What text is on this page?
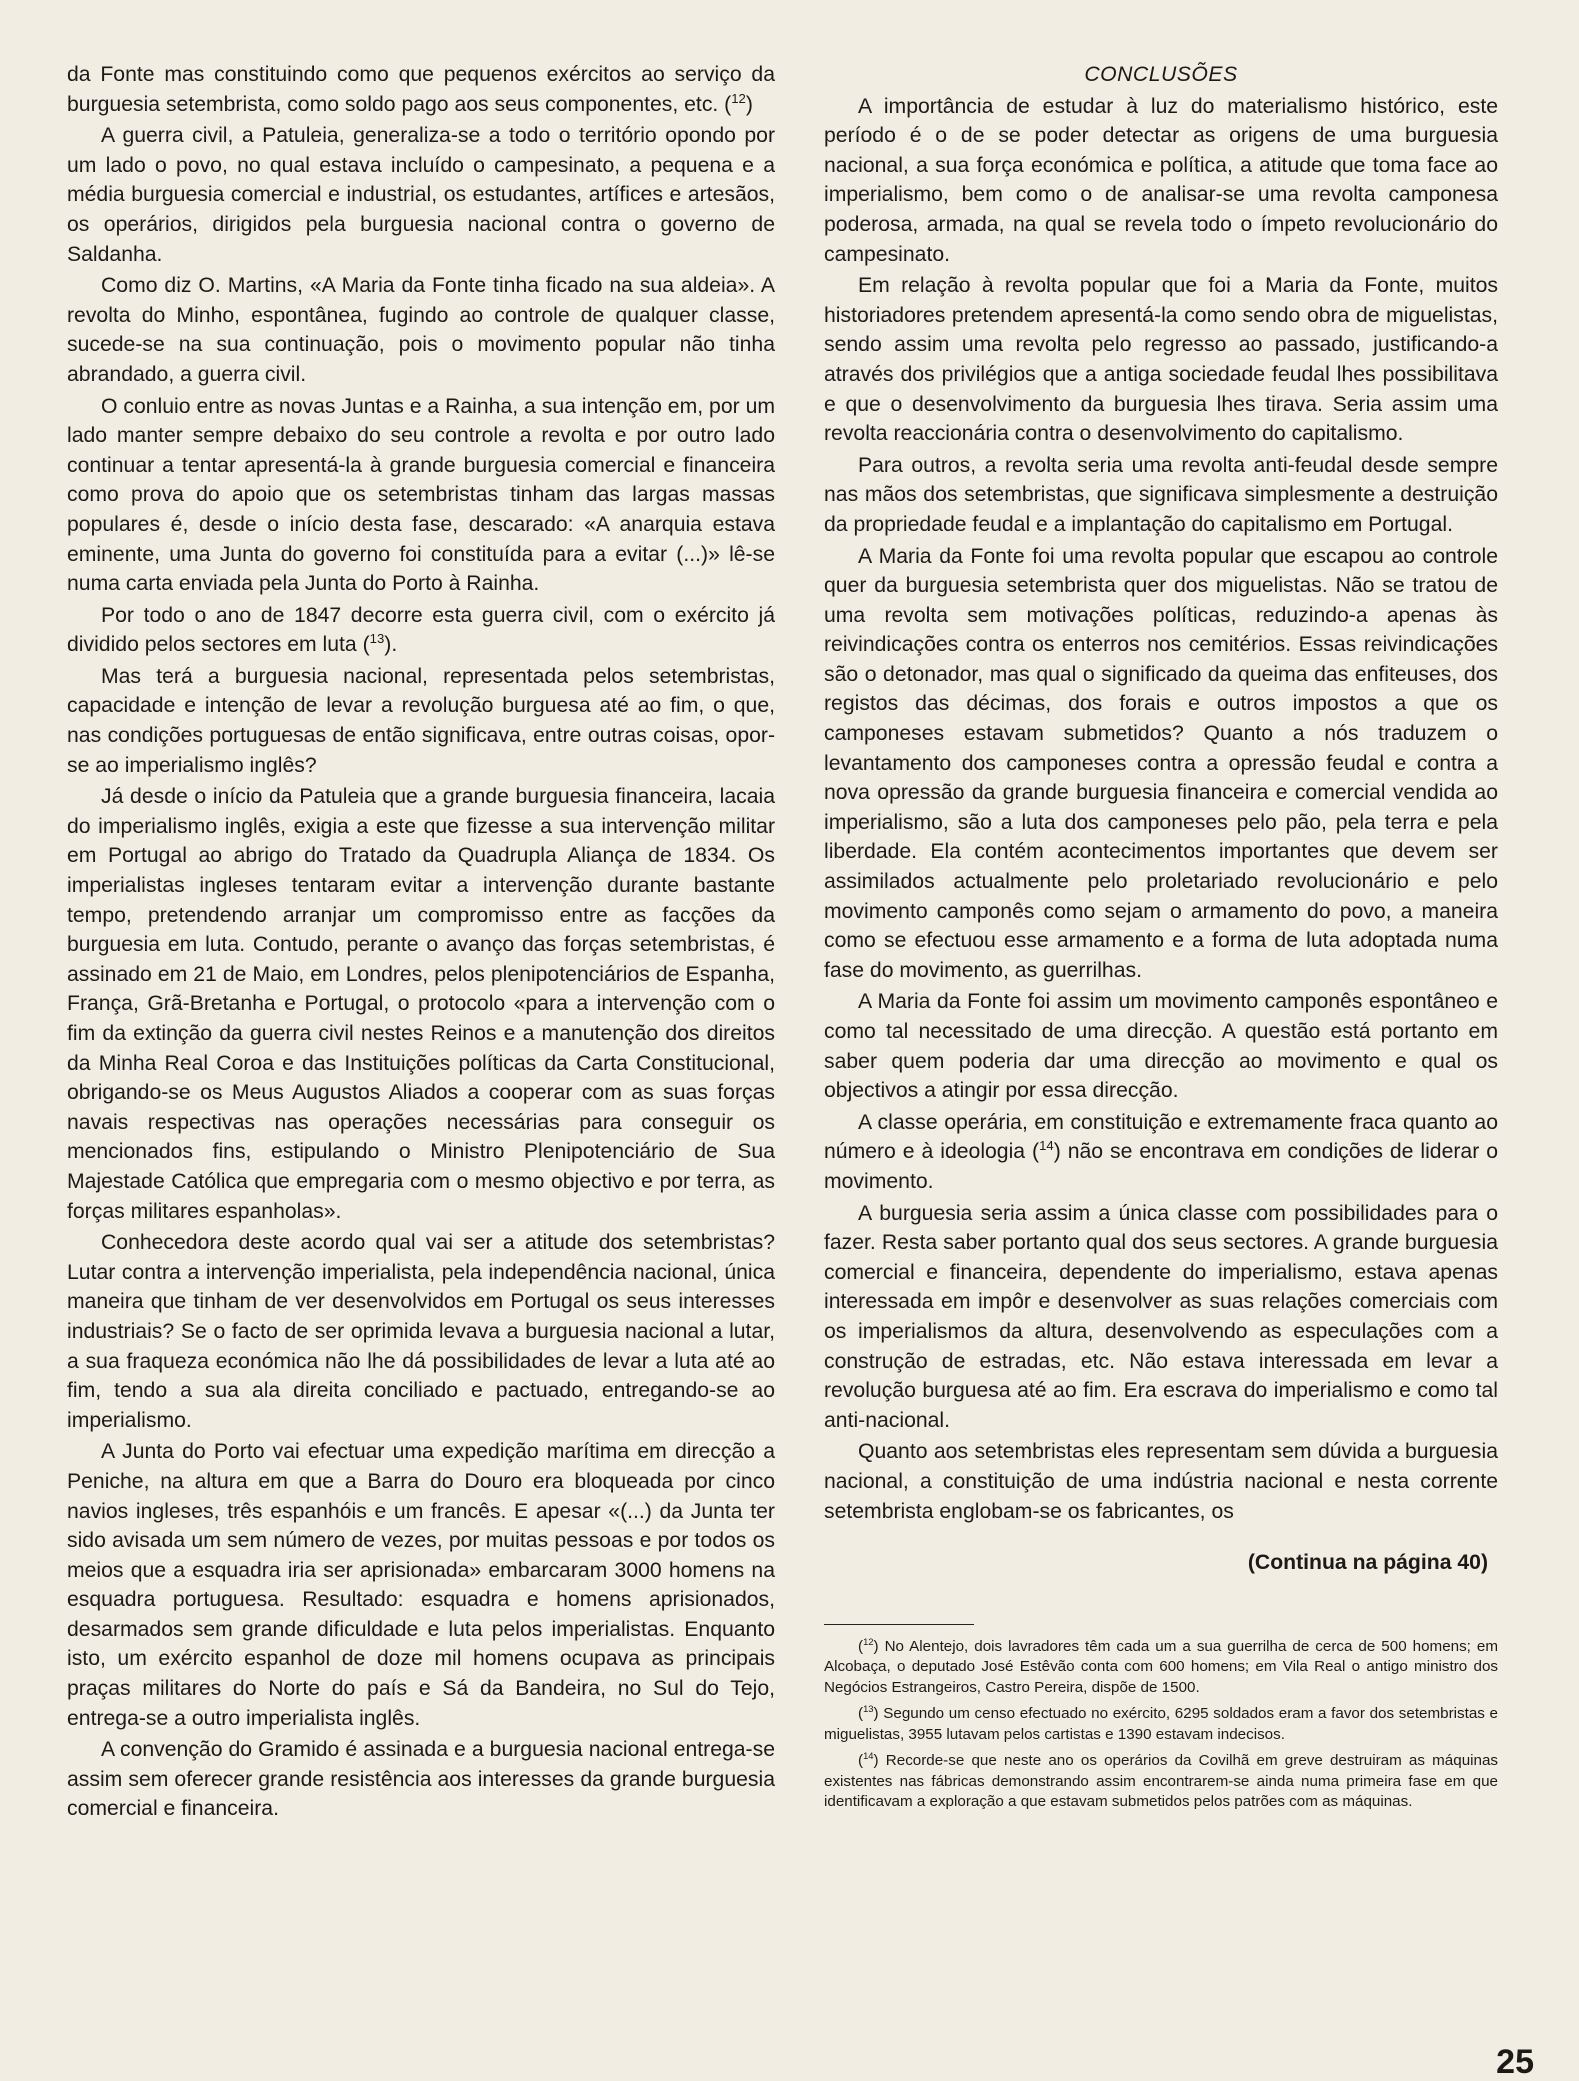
da Fonte mas constituindo como que pequenos exércitos ao serviço da burguesia setembrista, como soldo pago aos seus componentes, etc. ($^{12}$)

A guerra civil, a Patuleia, generaliza-se a todo o território opondo por um lado o povo, no qual estava incluído o campesinato, a pequena e a média burguesia comercial e industrial, os estudantes, artífices e artesãos, os operários, dirigidos pela burguesia nacional contra o governo de Saldanha.

Como diz O. Martins, «A Maria da Fonte tinha ficado na sua aldeia». A revolta do Minho, espontânea, fugindo ao controle de qualquer classe, sucede-se na sua continuação, pois o movimento popular não tinha abrandado, a guerra civil.

O conluio entre as novas Juntas e a Rainha, a sua intenção em, por um lado manter sempre debaixo do seu controle a revolta e por outro lado continuar a tentar apresentá-la à grande burguesia comercial e financeira como prova do apoio que os setembristas tinham das largas massas populares é, desde o início desta fase, descarado: «A anarquia estava eminente, uma Junta do governo foi constituída para a evitar (...)» lê-se numa carta enviada pela Junta do Porto à Rainha.

Por todo o ano de 1847 decorre esta guerra civil, com o exército já dividido pelos sectores em luta ($^{13}$).

Mas terá a burguesia nacional, representada pelos setembristas, capacidade e intenção de levar a revolução burguesa até ao fim, o que, nas condições portuguesas de então significava, entre outras coisas, opor-se ao imperialismo inglês?

Já desde o início da Patuleia que a grande burguesia financeira, lacaia do imperialismo inglês, exigia a este que fizesse a sua intervenção militar em Portugal ao abrigo do Tratado da Quadrupla Aliança de 1834. Os imperialistas ingleses tentaram evitar a intervenção durante bastante tempo, pretendendo arranjar um compromisso entre as facções da burguesia em luta. Contudo, perante o avanço das forças setembristas, é assinado em 21 de Maio, em Londres, pelos plenipotenciários de Espanha, França, Grã-Bretanha e Portugal, o protocolo «para a intervenção com o fim da extinção da guerra civil nestes Reinos e a manutenção dos direitos da Minha Real Coroa e das Instituições políticas da Carta Constitucional, obrigando-se os Meus Augustos Aliados a cooperar com as suas forças navais respectivas nas operações necessárias para conseguir os mencionados fins, estipulando o Ministro Plenipotenciário de Sua Majestade Católica que empregaria com o mesmo objectivo e por terra, as forças militares espanholas».

Conhecedora deste acordo qual vai ser a atitude dos setembristas? Lutar contra a intervenção imperialista, pela independência nacional, única maneira que tinham de ver desenvolvidos em Portugal os seus interesses industriais? Se o facto de ser oprimida levava a burguesia nacional a lutar, a sua fraqueza económica não lhe dá possibilidades de levar a luta até ao fim, tendo a sua ala direita conciliado e pactuado, entregando-se ao imperialismo.

A Junta do Porto vai efectuar uma expedição marítima em direcção a Peniche, na altura em que a Barra do Douro era bloqueada por cinco navios ingleses, três espanhóis e um francês. E apesar «(...) da Junta ter sido avisada um sem número de vezes, por muitas pessoas e por todos os meios que a esquadra iria ser aprisionada» embarcaram 3000 homens na esquadra portuguesa. Resultado: esquadra e homens aprisionados, desarmados sem grande dificuldade e luta pelos imperialistas. Enquanto isto, um exército espanhol de doze mil homens ocupava as principais praças militares do Norte do país e Sá da Bandeira, no Sul do Tejo, entrega-se a outro imperialista inglês.

A convenção do Gramido é assinada e a burguesia nacional entrega-se assim sem oferecer grande resistência aos interesses da grande burguesia comercial e financeira.

CONCLUSÕES

A importância de estudar à luz do materialismo histórico, este período é o de se poder detectar as origens de uma burguesia nacional, a sua força económica e política, a atitude que toma face ao imperialismo, bem como o de analisar-se uma revolta camponesa poderosa, armada, na qual se revela todo o ímpeto revolucionário do campesinato.

Em relação à revolta popular que foi a Maria da Fonte, muitos historiadores pretendem apresentá-la como sendo obra de miguelistas, sendo assim uma revolta pelo regresso ao passado, justificando-a através dos privilégios que a antiga sociedade feudal lhes possibilitava e que o desenvolvimento da burguesia lhes tirava. Seria assim uma revolta reaccionária contra o desenvolvimento do capitalismo.

Para outros, a revolta seria uma revolta anti-feudal desde sempre nas mãos dos setembristas, que significava simplesmente a destruição da propriedade feudal e a implantação do capitalismo em Portugal.

A Maria da Fonte foi uma revolta popular que escapou ao controle quer da burguesia setembrista quer dos miguelistas. Não se tratou de uma revolta sem motivações políticas, reduzindo-a apenas às reivindicações contra os enterros nos cemitérios. Essas reivindicações são o detonador, mas qual o significado da queima das enfiteuses, dos registos das décimas, dos forais e outros impostos a que os camponeses estavam submetidos? Quanto a nós traduzem o levantamento dos camponeses contra a opressão feudal e contra a nova opressão da grande burguesia financeira e comercial vendida ao imperialismo, são a luta dos camponeses pelo pão, pela terra e pela liberdade. Ela contém acontecimentos importantes que devem ser assimilados actualmente pelo proletariado revolucionário e pelo movimento camponês como sejam o armamento do povo, a maneira como se efectuou esse armamento e a forma de luta adoptada numa fase do movimento, as guerrilhas.

A Maria da Fonte foi assim um movimento camponês espontâneo e como tal necessitado de uma direcção. A questão está portanto em saber quem poderia dar uma direcção ao movimento e qual os objectivos a atingir por essa direcção.

A classe operária, em constituição e extremamente fraca quanto ao número e à ideologia ($^{14}$) não se encontrava em condições de liderar o movimento.

A burguesia seria assim a única classe com possibilidades para o fazer. Resta saber portanto qual dos seus sectores. A grande burguesia comercial e financeira, dependente do imperialismo, estava apenas interessada em impôr e desenvolver as suas relações comerciais com os imperialismos da altura, desenvolvendo as especulações com a construção de estradas, etc. Não estava interessada em levar a revolução burguesa até ao fim. Era escrava do imperialismo e como tal anti-nacional.

Quanto aos setembristas eles representam sem dúvida a burguesia nacional, a constituição de uma indústria nacional e nesta corrente setembrista englobam-se os fabricantes, os

(Continua na página 40)

($^{12}$) No Alentejo, dois lavradores têm cada um a sua guerrilha de cerca de 500 homens; em Alcobaça, o deputado José Estêvão conta com 600 homens; em Vila Real o antigo ministro dos Negócios Estrangeiros, Castro Pereira, dispõe de 1500.

($^{13}$) Segundo um censo efectuado no exército, 6295 soldados eram a favor dos setembristas e miguelistas, 3955 lutavam pelos cartistas e 1390 estavam indecisos.

($^{14}$) Recorde-se que neste ano os operários da Covilhã em greve destruiram as máquinas existentes nas fábricas demonstrando assim encontrarem-se ainda numa primeira fase em que identificavam a exploração a que estavam submetidos pelos patrões com as máquinas.

25
